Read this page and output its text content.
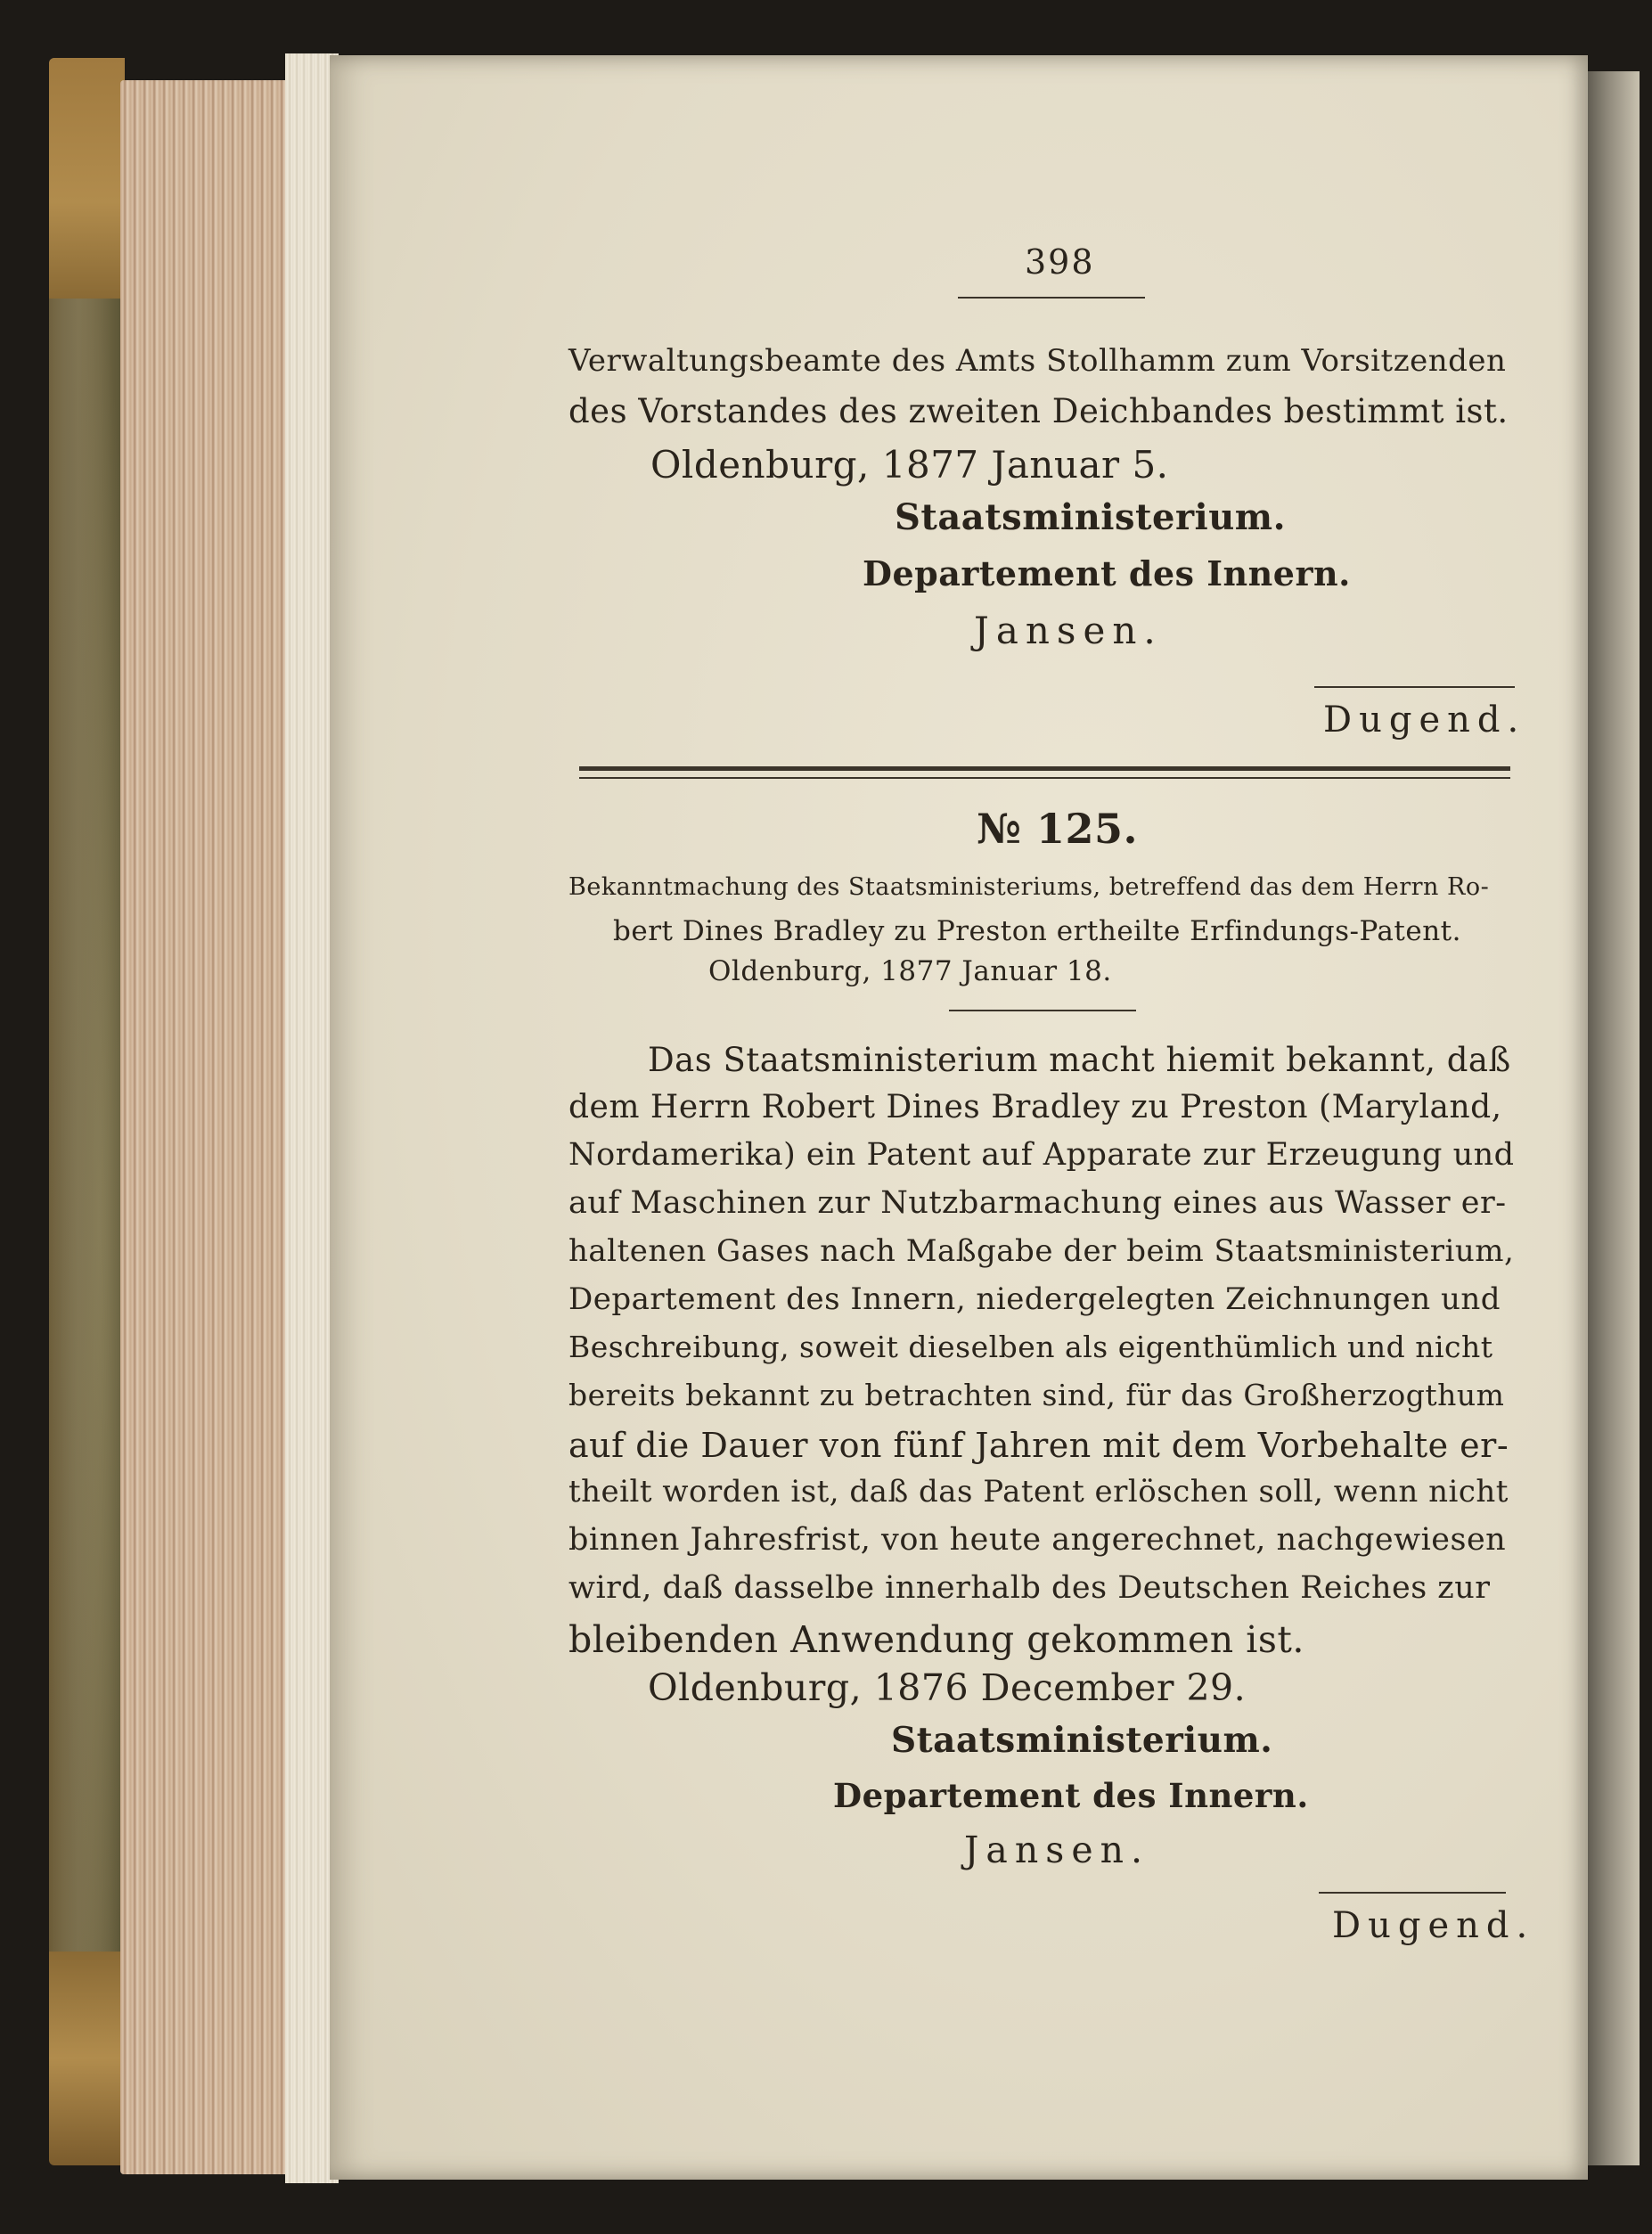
398
Verwaltungsbeamte des Amts Stollhamm zum Vorsitzenden
des Vorstandes des zweiten Deichbandes bestimmt ist.
Oldenburg, 1877 Januar 5.
Staatsministerium.
Departement des Innern.
Jansen.
Dugend.
№ 125.
Bekanntmachung des Staatsministeriums, betreffend das dem Herrn Ro-
bert Dines Bradley zu Preston ertheilte Erfindungs-Patent.
Oldenburg, 1877 Januar 18.
Das Staatsministerium macht hiemit bekannt, daß
dem Herrn Robert Dines Bradley zu Preston (Maryland,
Nordamerika) ein Patent auf Apparate zur Erzeugung und
auf Maschinen zur Nutzbarmachung eines aus Wasser er-
haltenen Gases nach Maßgabe der beim Staatsministerium,
Departement des Innern, niedergelegten Zeichnungen und
Beschreibung, soweit dieselben als eigenthümlich und nicht
bereits bekannt zu betrachten sind, für das Großherzogthum
auf die Dauer von fünf Jahren mit dem Vorbehalte er-
theilt worden ist, daß das Patent erlöschen soll, wenn nicht
binnen Jahresfrist, von heute angerechnet, nachgewiesen
wird, daß dasselbe innerhalb des Deutschen Reiches zur
bleibenden Anwendung gekommen ist.
Oldenburg, 1876 December 29.
Staatsministerium.
Departement des Innern.
Jansen.
Dugend.
